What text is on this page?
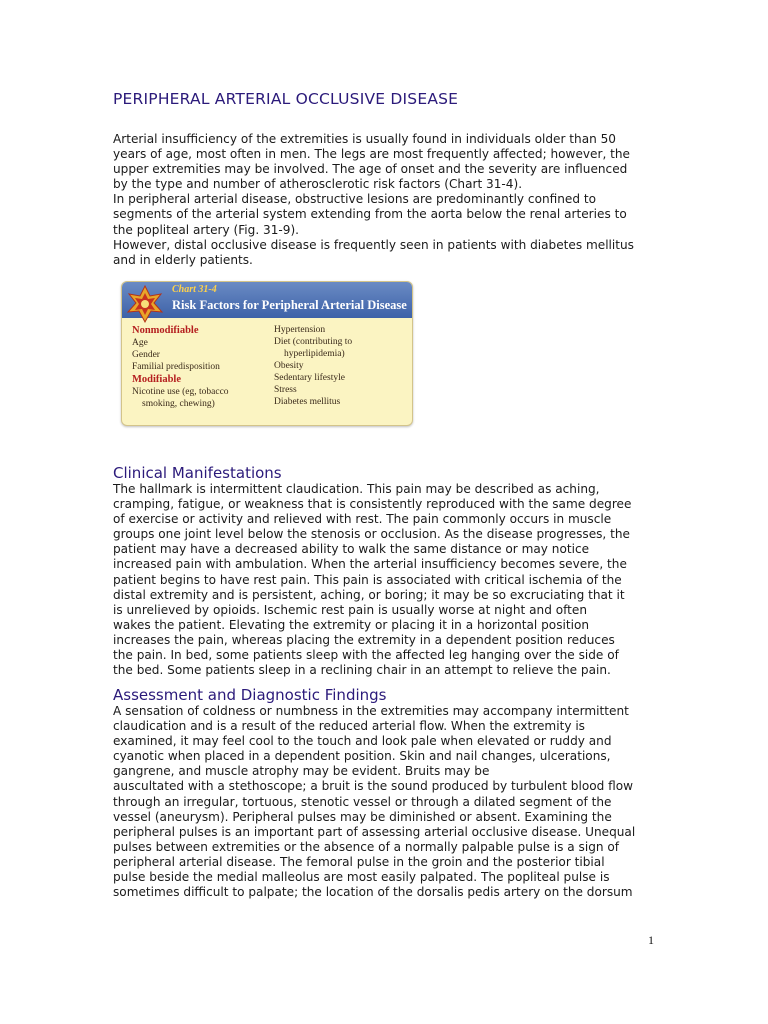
PERIPHERAL ARTERIAL OCCLUSIVE DISEASE

Arterial insufficiency of the extremities is usually found in individuals older than 50
years of age, most often in men. The legs are most frequently affected; however, the
upper extremities may be involved. The age of onset and the severity are influenced
by the type and number of atherosclerotic risk factors (Chart 31-4).
In peripheral arterial disease, obstructive lesions are predominantly confined to
segments of the arterial system extending from the aorta below the renal arteries to
the popliteal artery (Fig. 31-9).
However, distal occlusive disease is frequently seen in patients with diabetes mellitus
and in elderly patients.

Chart 31-4
Risk Factors for Peripheral Arterial Disease
Nonmodifiable
Age
Gender
Familial predisposition
Modifiable
Nicotine use (eg, tobacco
smoking, chewing)
Hypertension
Diet (contributing to
hyperlipidemia)
Obesity
Sedentary lifestyle
Stress
Diabetes mellitus
Clinical Manifestations

The hallmark is intermittent claudication. This pain may be described as aching,
cramping, fatigue, or weakness that is consistently reproduced with the same degree
of exercise or activity and relieved with rest. The pain commonly occurs in muscle
groups one joint level below the stenosis or occlusion. As the disease progresses, the
patient may have a decreased ability to walk the same distance or may notice
increased pain with ambulation. When the arterial insufficiency becomes severe, the
patient begins to have rest pain. This pain is associated with critical ischemia of the
distal extremity and is persistent, aching, or boring; it may be so excruciating that it
is unrelieved by opioids. Ischemic rest pain is usually worse at night and often
wakes the patient. Elevating the extremity or placing it in a horizontal position
increases the pain, whereas placing the extremity in a dependent position reduces
the pain. In bed, some patients sleep with the affected leg hanging over the side of
the bed. Some patients sleep in a reclining chair in an attempt to relieve the pain.

Assessment and Diagnostic Findings

A sensation of coldness or numbness in the extremities may accompany intermittent
claudication and is a result of the reduced arterial flow. When the extremity is
examined, it may feel cool to the touch and look pale when elevated or ruddy and
cyanotic when placed in a dependent position. Skin and nail changes, ulcerations,
gangrene, and muscle atrophy may be evident. Bruits may be
auscultated with a stethoscope; a bruit is the sound produced by turbulent blood flow
through an irregular, tortuous, stenotic vessel or through a dilated segment of the
vessel (aneurysm). Peripheral pulses may be diminished or absent. Examining the
peripheral pulses is an important part of assessing arterial occlusive disease. Unequal
pulses between extremities or the absence of a normally palpable pulse is a sign of
peripheral arterial disease. The femoral pulse in the groin and the posterior tibial
pulse beside the medial malleolus are most easily palpated. The popliteal pulse is
sometimes difficult to palpate; the location of the dorsalis pedis artery on the dorsum

1
